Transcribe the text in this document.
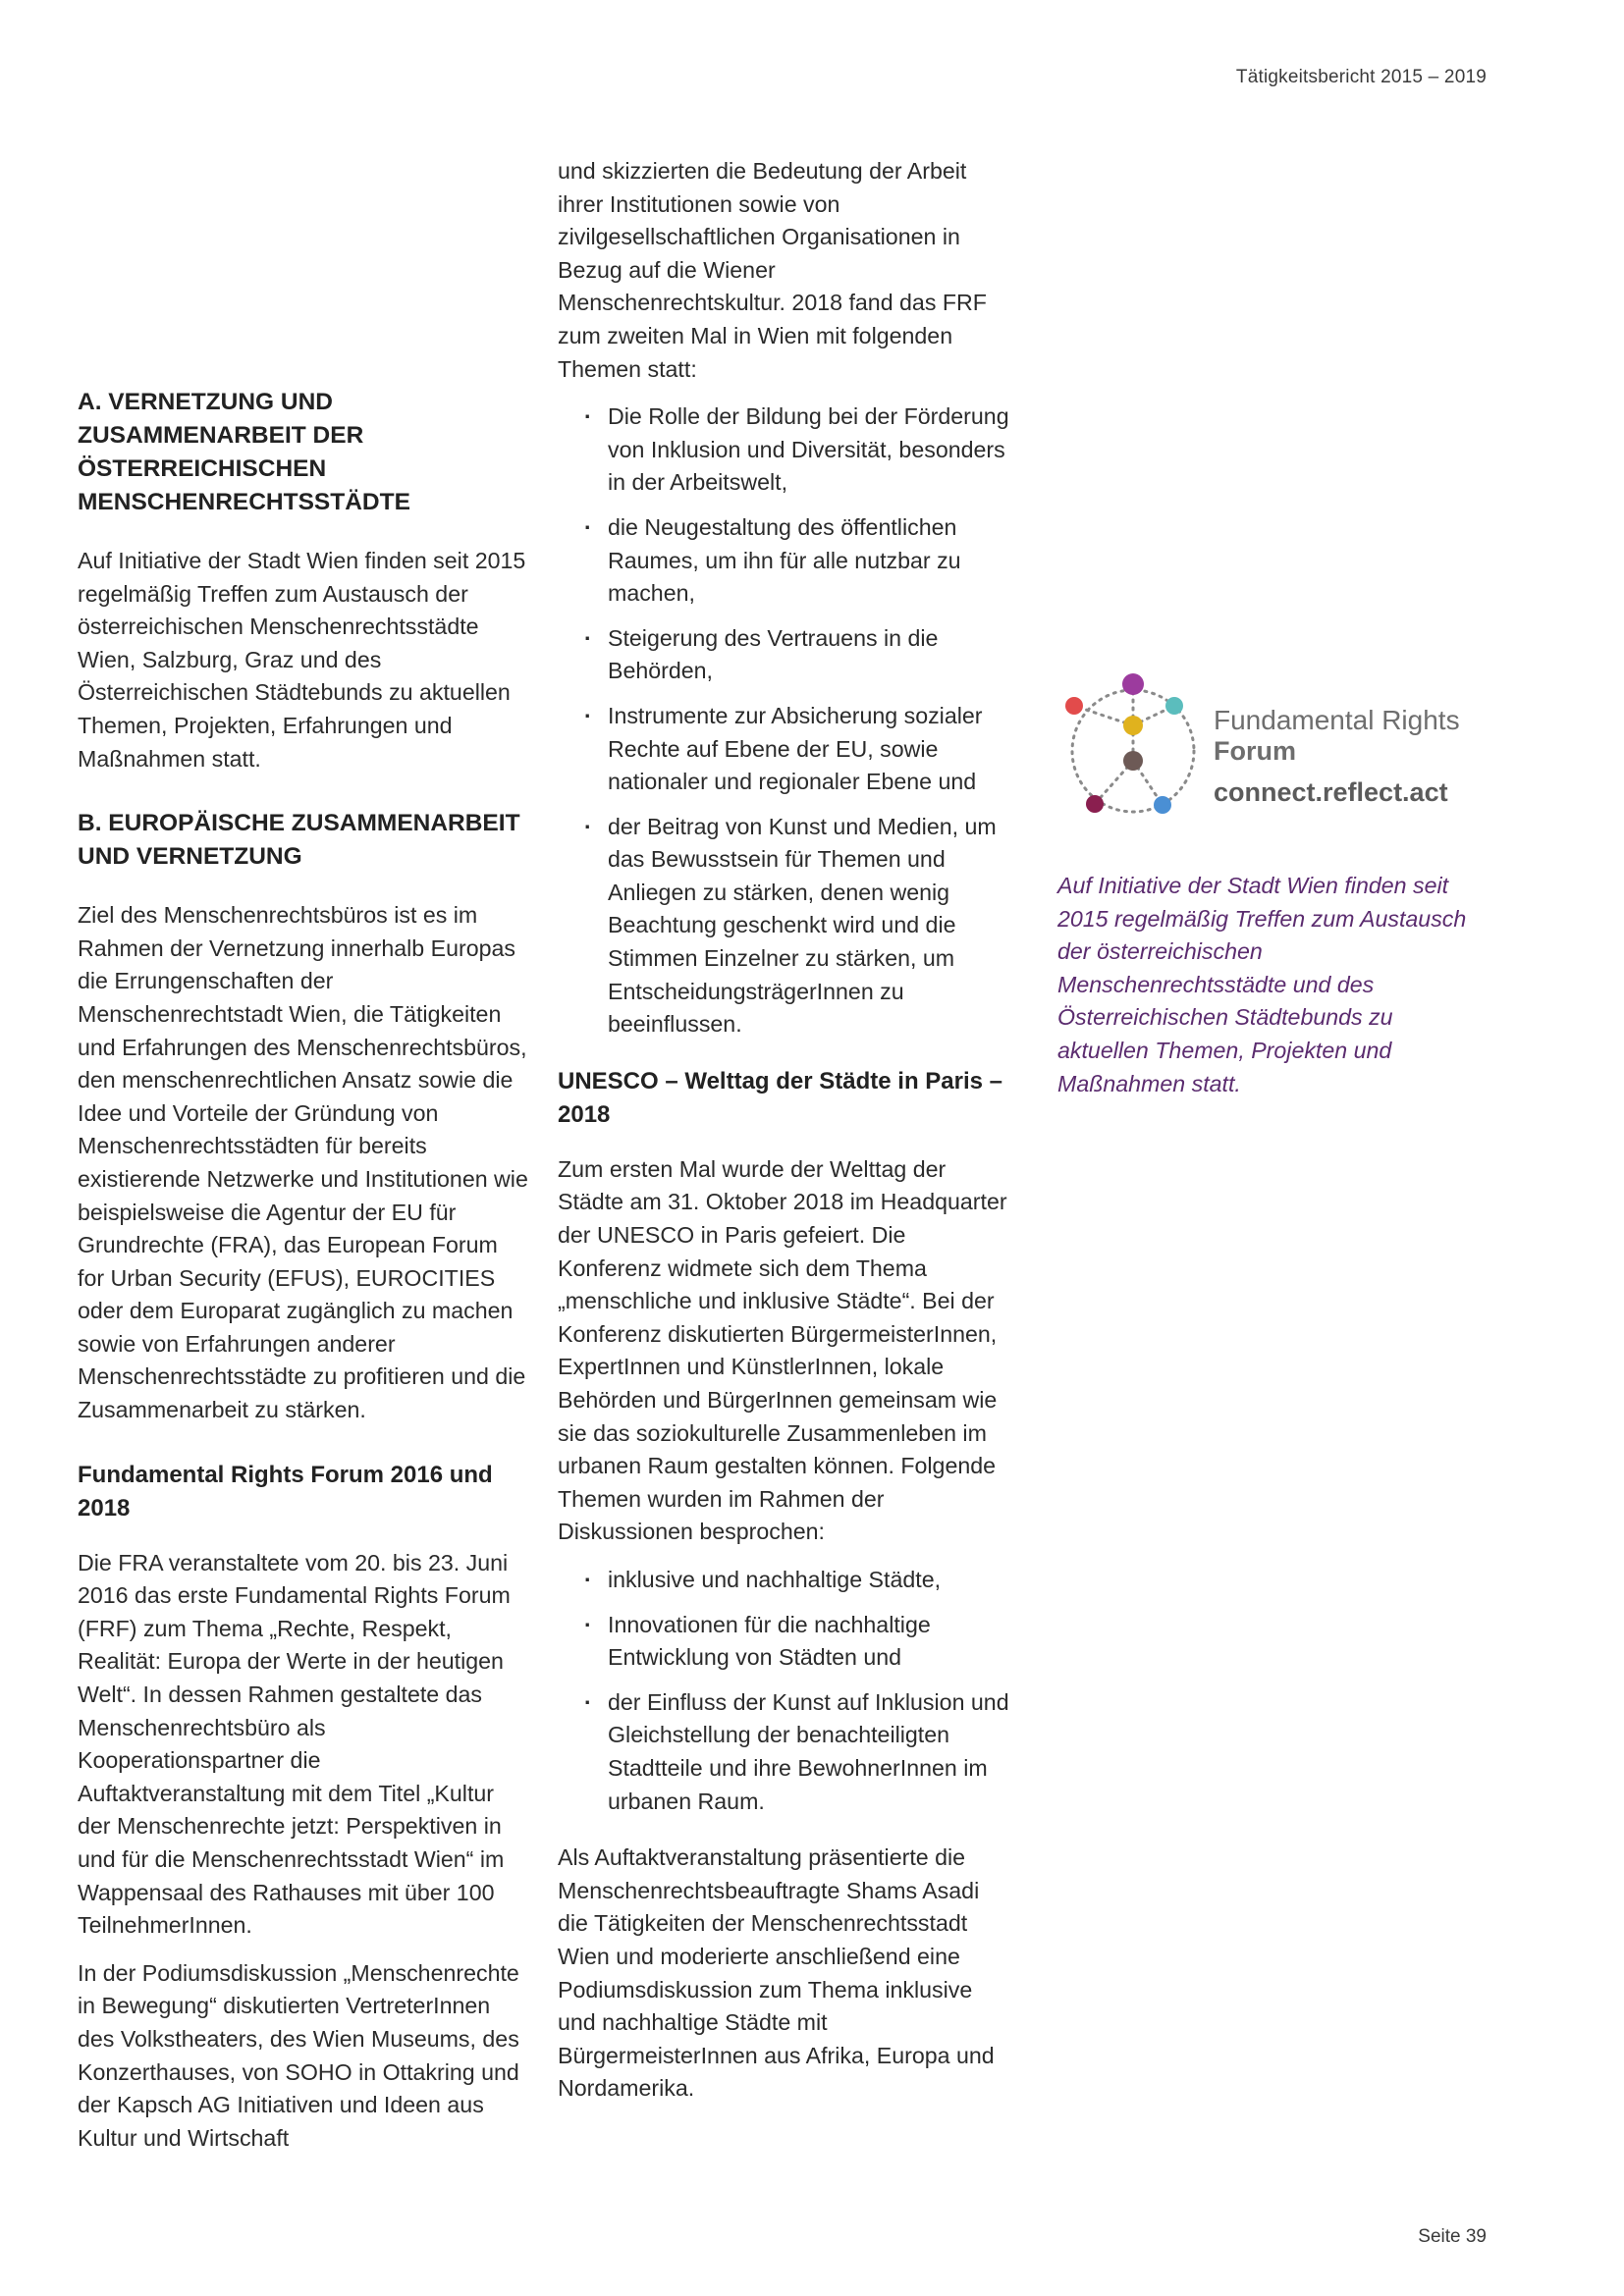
Tätigkeitsbericht 2015 – 2019
A. VERNETZUNG UND ZUSAMMENARBEIT DER ÖSTERREICHISCHEN MENSCHENRECHTSSTÄDTE

Auf Initiative der Stadt Wien finden seit 2015 regelmäßig Treffen zum Austausch der österreichischen Menschenrechtsstädte Wien, Salzburg, Graz und des Österreichischen Städtebunds zu aktuellen Themen, Projekten, Erfahrungen und Maßnahmen statt.

B. EUROPÄISCHE ZUSAMMENARBEIT UND VERNETZUNG

Ziel des Menschenrechtsbüros ist es im Rahmen der Vernetzung innerhalb Europas die Errungenschaften der Menschenrechtstadt Wien, die Tätigkeiten und Erfahrungen des Menschenrechtsbüros, den menschenrechtlichen Ansatz sowie die Idee und Vorteile der Gründung von Menschenrechtsstädten für bereits existierende Netzwerke und Institutionen wie beispielsweise die Agentur der EU für Grundrechte (FRA), das European Forum for Urban Security (EFUS), EUROCITIES oder dem Europarat zugänglich zu machen sowie von Erfahrungen anderer Menschenrechtsstädte zu profitieren und die Zusammenarbeit zu stärken.

Fundamental Rights Forum 2016 und 2018

Die FRA veranstaltete vom 20. bis 23. Juni 2016 das erste Fundamental Rights Forum (FRF) zum Thema „Rechte, Respekt, Realität: Europa der Werte in der heutigen Welt“. In dessen Rahmen gestaltete das Menschenrechtsbüro als Kooperationspartner die Auftaktveranstaltung mit dem Titel „Kultur der Menschenrechte jetzt: Perspektiven in und für die Menschenrechtsstadt Wien“ im Wappensaal des Rathauses mit über 100 TeilnehmerInnen.

In der Podiumsdiskussion „Menschenrechte in Bewegung“ diskutierten VertreterInnen des Volkstheaters, des Wien Museums, des Konzerthauses, von SOHO in Ottakring und der Kapsch AG Initiativen und Ideen aus Kultur und Wirtschaft

und skizzierten die Bedeutung der Arbeit ihrer Institutionen sowie von zivilgesellschaftlichen Organisationen in Bezug auf die Wiener Menschenrechtskultur. 2018 fand das FRF zum zweiten Mal in Wien mit folgenden Themen statt:

· Die Rolle der Bildung bei der Förderung von Inklusion und Diversität, besonders in der Arbeitswelt,
· die Neugestaltung des öffentlichen Raumes, um ihn für alle nutzbar zu machen,
· Steigerung des Vertrauens in die Behörden,
· Instrumente zur Absicherung sozialer Rechte auf Ebene der EU, sowie nationaler und regionaler Ebene und
· der Beitrag von Kunst und Medien, um das Bewusstsein für Themen und Anliegen zu stärken, denen wenig Beachtung geschenkt wird und die Stimmen Einzelner zu stärken, um EntscheidungsträgerInnen zu beeinflussen.
UNESCO – Welttag der Städte in Paris – 2018

Zum ersten Mal wurde der Welttag der Städte am 31. Oktober 2018 im Headquarter der UNESCO in Paris gefeiert. Die Konferenz widmete sich dem Thema „menschliche und inklusive Städte“. Bei der Konferenz diskutierten BürgermeisterInnen, ExpertInnen und KünstlerInnen, lokale Behörden und BürgerInnen gemeinsam wie sie das soziokulturelle Zusammenleben im urbanen Raum gestalten können. Folgende Themen wurden im Rahmen der Diskussionen besprochen:

· inklusive und nachhaltige Städte,
· Innovationen für die nachhaltige Entwicklung von Städten und
· der Einfluss der Kunst auf Inklusion und Gleichstellung der benachteiligten Stadtteile und ihre BewohnerInnen im urbanen Raum.

Als Auftaktveranstaltung präsentierte die Menschenrechtsbeauftragte Shams Asadi die Tätigkeiten der Menschenrechtsstadt Wien und moderierte anschließend eine Podiumsdiskussion zum Thema inklusive und nachhaltige Städte mit BürgermeisterInnen aus Afrika, Europa und Nordamerika.

Fundamental Rights
Forum
connect.reflect.act
Auf Initiative der Stadt Wien finden seit 2015 regelmäßig Treffen zum Austausch der österreichischen Menschenrechtsstädte und des Österreichischen Städtebunds zu aktuellen Themen, Projekten und Maßnahmen statt.
Seite 39
